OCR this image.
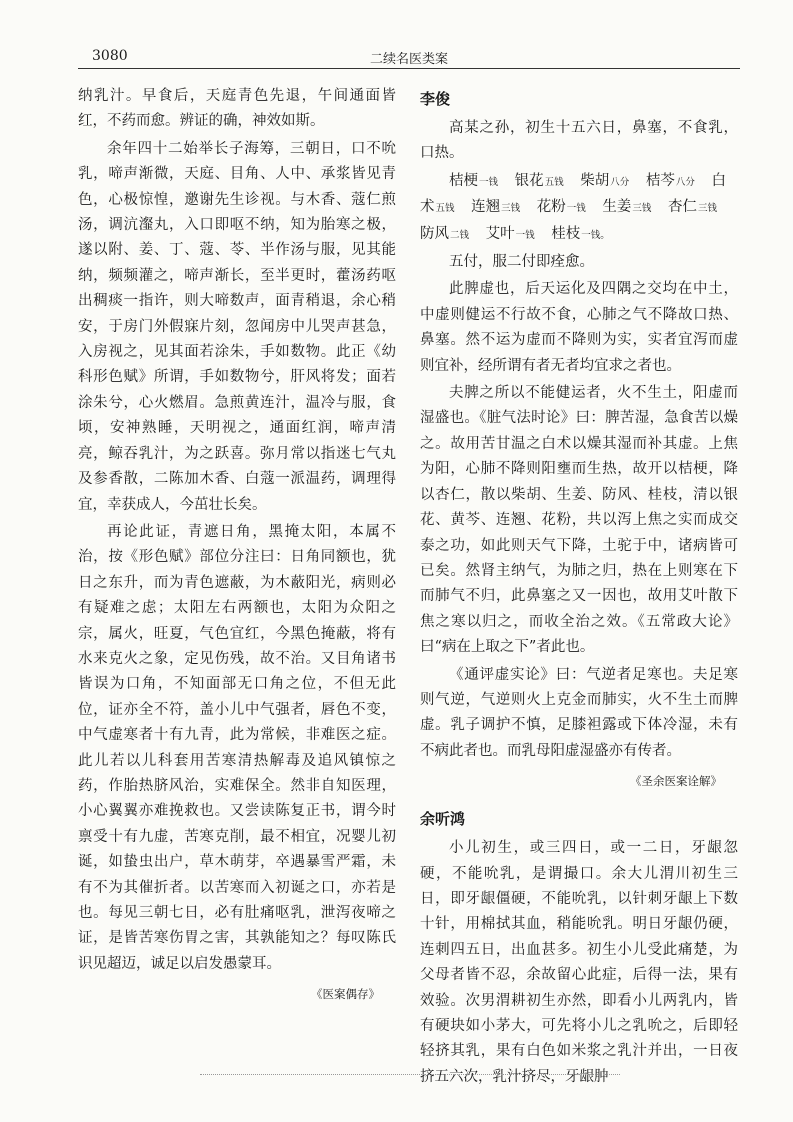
3080	二续名医类案

纳乳汁。早食后，天庭青色先退，午间通面皆红，不药而愈。辨证的确，神效如斯。

余年四十二始举长子海筹，三朝日，口不吮乳，啼声渐微，天庭、目角、人中、承浆皆见青色，心极惊惶，邀谢先生诊视。与木香、蔻仁煎汤，调沆瀣丸，入口即呕不纳，知为胎寒之极，遂以附、姜、丁、蔻、苓、半作汤与服，见其能纳，频频灌之，啼声渐长，至半更时，藿汤药呕出稠痰一指许，则大啼数声，面青稍退，余心稍安，于房门外假寐片刻，忽闻房中儿哭声甚急，入房视之，见其面若涂朱，手如数物。此正《幼科形色赋》所谓，手如数物兮，肝风将发；面若涂朱兮，心火燃眉。急煎黄连汁，温冷与服，食顷，安神熟睡，天明视之，通面红润，啼声清亮，鲸吞乳汁，为之跃喜。弥月常以指迷七气丸及参香散，二陈加木香、白蔻一派温药，调理得宜，幸获成人，今茁壮长矣。

再论此证，青遮日角，黑掩太阳，本属不治，按《形色赋》部位分注曰：日角同额也，犹日之东升，而为青色遮蔽，为木蔽阳光，病则必有疑难之虑；太阳左右两额也，太阳为众阳之宗，属火，旺夏，气色宜红，今黑色掩蔽，将有水来克火之象，定见伤残，故不治。又目角诸书皆误为口角，不知面部无口角之位，不但无此位，证亦全不符，盖小儿中气强者，唇色不变，中气虚寒者十有九青，此为常候，非难医之症。此儿若以儿科套用苦寒清热解毒及追风镇惊之药，作胎热脐风治，实难保全。然非自知医理，小心翼翼亦难挽救也。又尝读陈复正书，谓今时禀受十有九虚，苦寒克削，最不相宜，况婴儿初诞，如蛰虫出户，草木萌芽，卒遇暴雪严霜，未有不为其催折者。以苦寒而入初诞之口，亦若是也。每见三朝七日，必有肚痛呕乳，泄泻夜啼之证，是皆苦寒伤胃之害，其孰能知之？每叹陈氏识见超迈，诚足以启发愚蒙耳。

《医案偶存》
李俊

高某之孙，初生十五六日，鼻塞，不食乳，口热。

桔梗一钱 银花五钱 柴胡八分 桔芩八分 白术五钱 连翘三钱 花粉一钱 生姜三钱 杏仁三钱 防风二钱 艾叶一钱 桂枝一钱。

五付，服二付即痊愈。

此脾虚也，后天运化及四隅之交均在中土，中虚则健运不行故不食，心肺之气不降故口热、鼻塞。然不运为虚而不降则为实，实者宜泻而虚则宜补，经所谓有者无者均宜求之者也。

夫脾之所以不能健运者，火不生土，阳虚而湿盛也。《脏气法时论》曰：脾苦湿，急食苦以燥之。故用苦甘温之白术以燥其湿而补其虚。上焦为阳，心肺不降则阳壅而生热，故开以桔梗，降以杏仁，散以柴胡、生姜、防风、桂枝，清以银花、黄芩、连翘、花粉，共以泻上焦之实而成交泰之功，如此则天气下降，土驼于中，诸病皆可已矣。然肾主纳气，为肺之归，热在上则寒在下而肺气不归，此鼻塞之又一因也，故用艾叶散下焦之寒以归之，而收全治之效。《五常政大论》曰“病在上取之下”者此也。

《通评虚实论》曰：气逆者足寒也。夫足寒则气逆，气逆则火上克金而肺实，火不生土而脾虚。乳子调护不慎，足膝袒露或下体冷湿，未有不病此者也。而乳母阳虚湿盛亦有传者。

《圣余医案诠解》
余听鸿

小儿初生，或三四日，或一二日，牙龈忽硬，不能吮乳，是谓撮口。余大儿渭川初生三日，即牙龈僵硬，不能吮乳，以针刺牙龈上下数十针，用棉拭其血，稍能吮乳。明日牙龈仍硬，连刺四五日，出血甚多。初生小儿受此痛楚，为父母者皆不忍，余故留心此症，后得一法，果有效验。次男渭耕初生亦然，即看小儿两乳内，皆有硬块如小茅大，可先将小儿之乳吮之，后即轻轻挤其乳，果有白色如米浆之乳汁并出，一日夜挤五六次，乳汁挤尽，牙龈肿
